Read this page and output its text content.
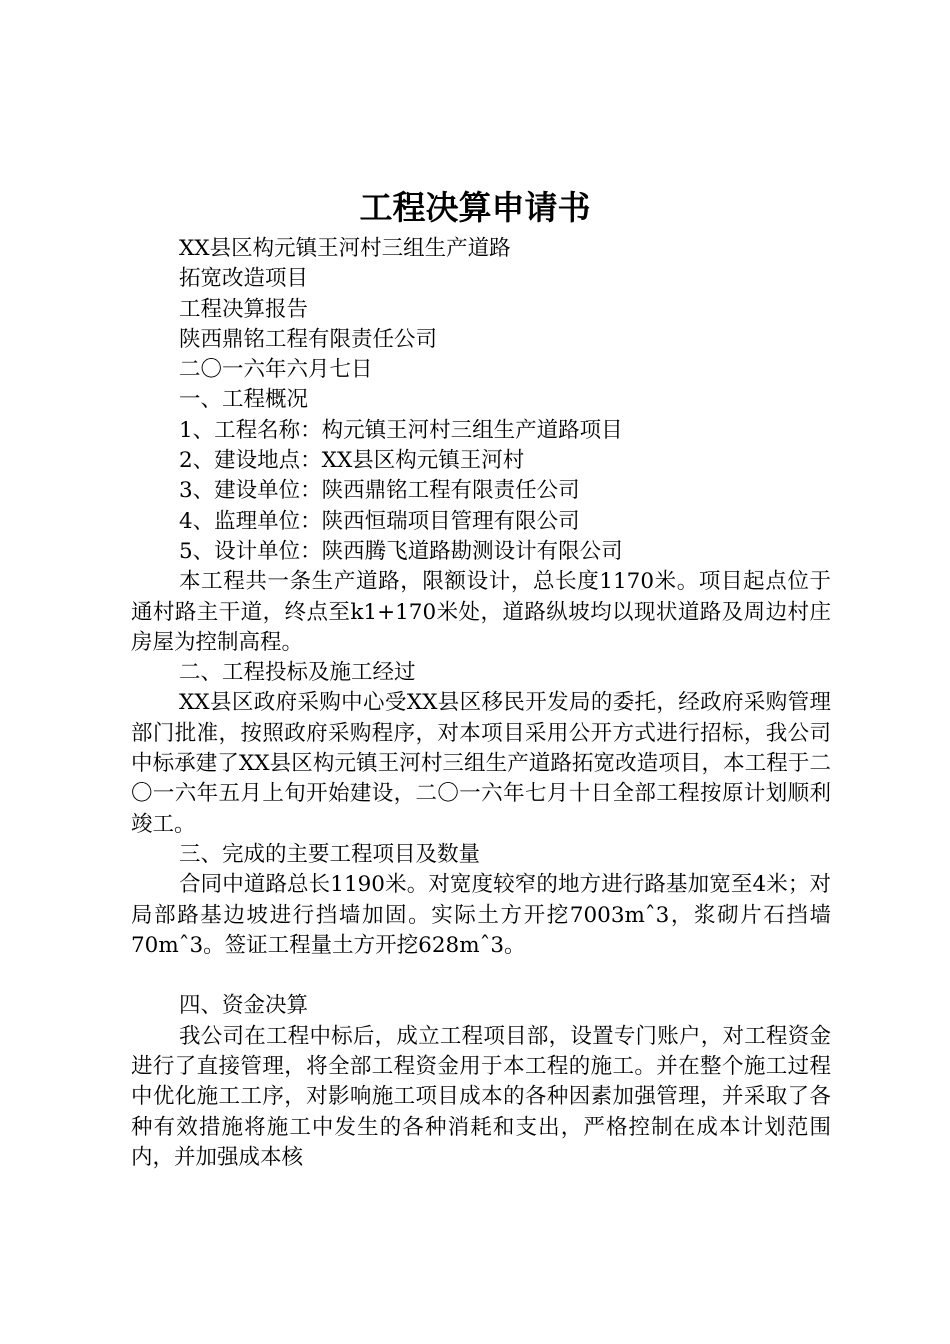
工程决算申请书

XX县区构元镇王河村三组生产道路

拓宽改造项目

工程决算报告

陕西鼎铭工程有限责任公司

二〇一六年六月七日

一、工程概况

1、工程名称：构元镇王河村三组生产道路项目

2、建设地点：XX县区构元镇王河村

3、建设单位：陕西鼎铭工程有限责任公司

4、监理单位：陕西恒瑞项目管理有限公司

5、设计单位：陕西腾飞道路勘测设计有限公司

本工程共一条生产道路，限额设计，总长度1170米。项目起点位于通村路主干道，终点至k1+170米处，道路纵坡均以现状道路及周边村庄房屋为控制高程。

二、工程投标及施工经过

XX县区政府采购中心受XX县区移民开发局的委托，经政府采购管理部门批准，按照政府采购程序，对本项目采用公开方式进行招标，我公司中标承建了XX县区构元镇王河村三组生产道路拓宽改造项目，本工程于二〇一六年五月上旬开始建设，二〇一六年七月十日全部工程按原计划顺利竣工。

三、完成的主要工程项目及数量

合同中道路总长1190米。对宽度较窄的地方进行路基加宽至4米；对局部路基边坡进行挡墙加固。实际土方开挖7003mˆ3，浆砌片石挡墙70mˆ3。签证工程量土方开挖628mˆ3。

四、资金决算

我公司在工程中标后，成立工程项目部，设置专门账户，对工程资金进行了直接管理，将全部工程资金用于本工程的施工。并在整个施工过程中优化施工工序，对影响施工项目成本的各种因素加强管理，并采取了各种有效措施将施工中发生的各种消耗和支出，严格控制在成本计划范围内，并加强成本核
